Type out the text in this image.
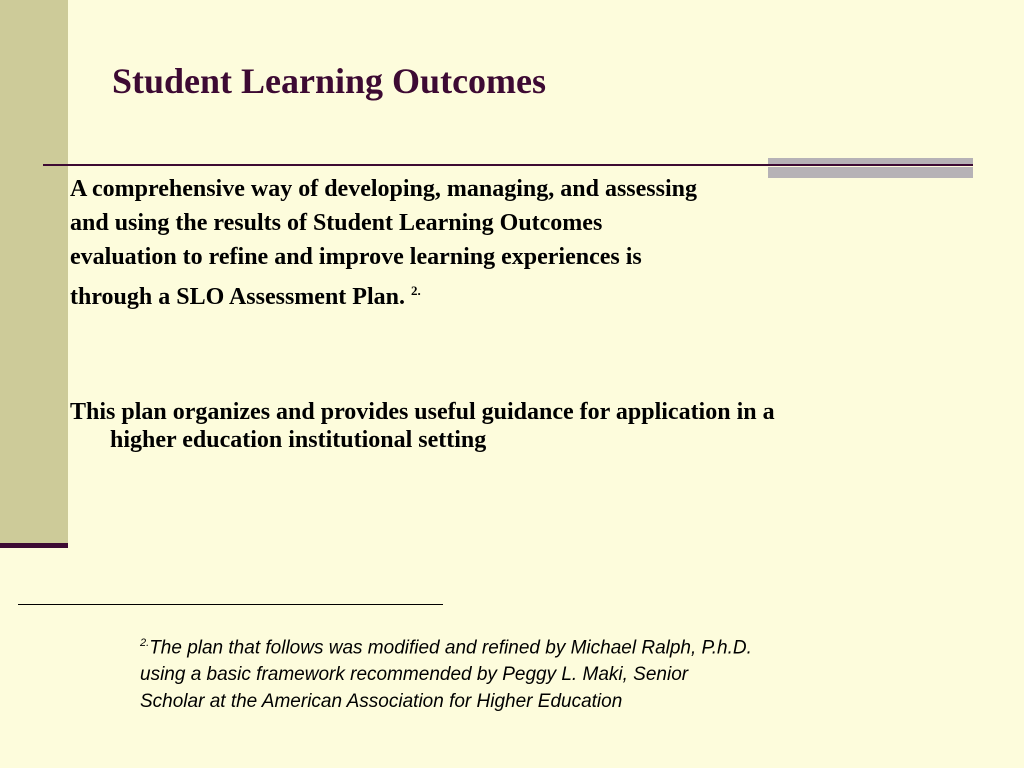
Student Learning Outcomes

A comprehensive way of developing, managing, and assessing
and using the results of Student Learning Outcomes
evaluation to refine and improve learning experiences is
through a SLO Assessment Plan. $^{2.}$

This plan organizes and provides useful guidance for application in a
higher education institutional setting

$^{2.}$The plan that follows was modified and refined by Michael Ralph, P.h.D.
using a basic framework recommended by Peggy L. Maki, Senior
Scholar at the American Association for Higher Education
